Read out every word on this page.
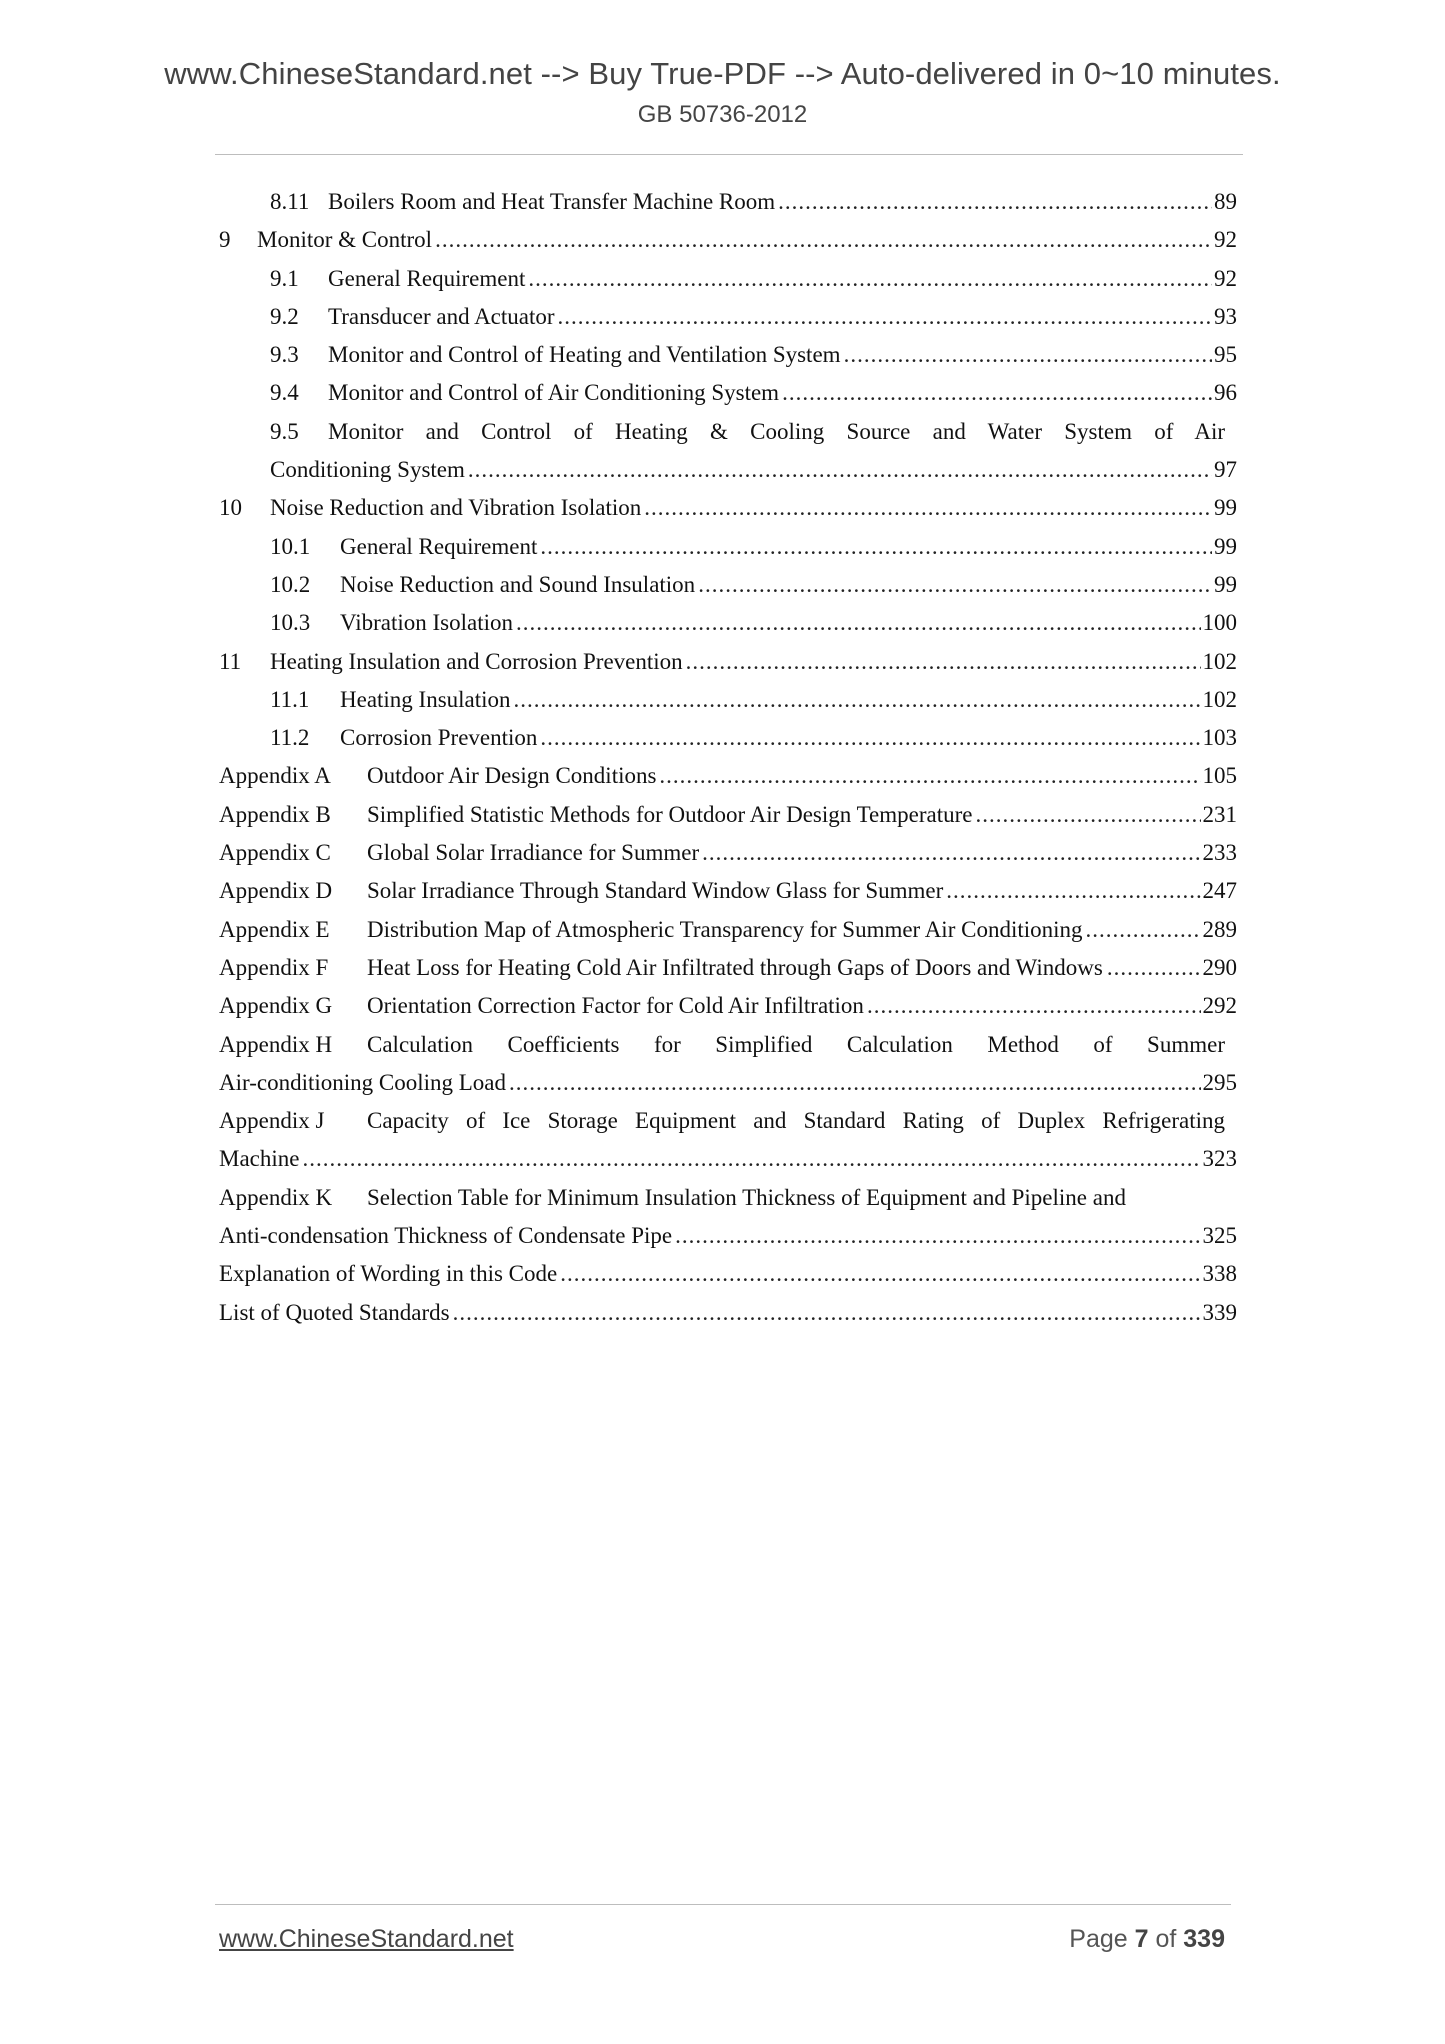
www.ChineseStandard.net --> Buy True-PDF --> Auto-delivered in 0~10 minutes.
GB 50736-2012
8.11 Boilers Room and Heat Transfer Machine Room .....	89
9	Monitor & Control .....	92
9.1	General Requirement .....	92
9.2	Transducer and Actuator .....	93
9.3	Monitor and Control of Heating and Ventilation System .....	95
9.4	Monitor and Control of Air Conditioning System .....	96
9.5	Monitor and Control of Heating & Cooling Source and Water System of Air
Conditioning System .....	97
10	Noise Reduction and Vibration Isolation .....	99
10.1	General Requirement .....	99
10.2	Noise Reduction and Sound Insulation .....	99
10.3	Vibration Isolation .....	100
11	Heating Insulation and Corrosion Prevention .....	102
11.1	Heating Insulation .....	102
11.2	Corrosion Prevention .....	103
Appendix A	Outdoor Air Design Conditions .....	105
Appendix B	Simplified Statistic Methods for Outdoor Air Design Temperature .....	231
Appendix C	Global Solar Irradiance for Summer .....	233
Appendix D	Solar Irradiance Through Standard Window Glass for Summer .....	247
Appendix E	Distribution Map of Atmospheric Transparency for Summer Air Conditioning .....	289
Appendix F	Heat Loss for Heating Cold Air Infiltrated through Gaps of Doors and Windows .....	290
Appendix G	Orientation Correction Factor for Cold Air Infiltration .....	292
Appendix H	Calculation Coefficients for Simplified Calculation Method of Summer
Air-conditioning Cooling Load .....	295
Appendix J	Capacity of Ice Storage Equipment and Standard Rating of Duplex Refrigerating
Machine .....	323
Appendix K	Selection Table for Minimum Insulation Thickness of Equipment and Pipeline and
Anti-condensation Thickness of Condensate Pipe .....	325
Explanation of Wording in this Code .....	338
List of Quoted Standards .....	339
www.ChineseStandard.net	Page 7 of 339
